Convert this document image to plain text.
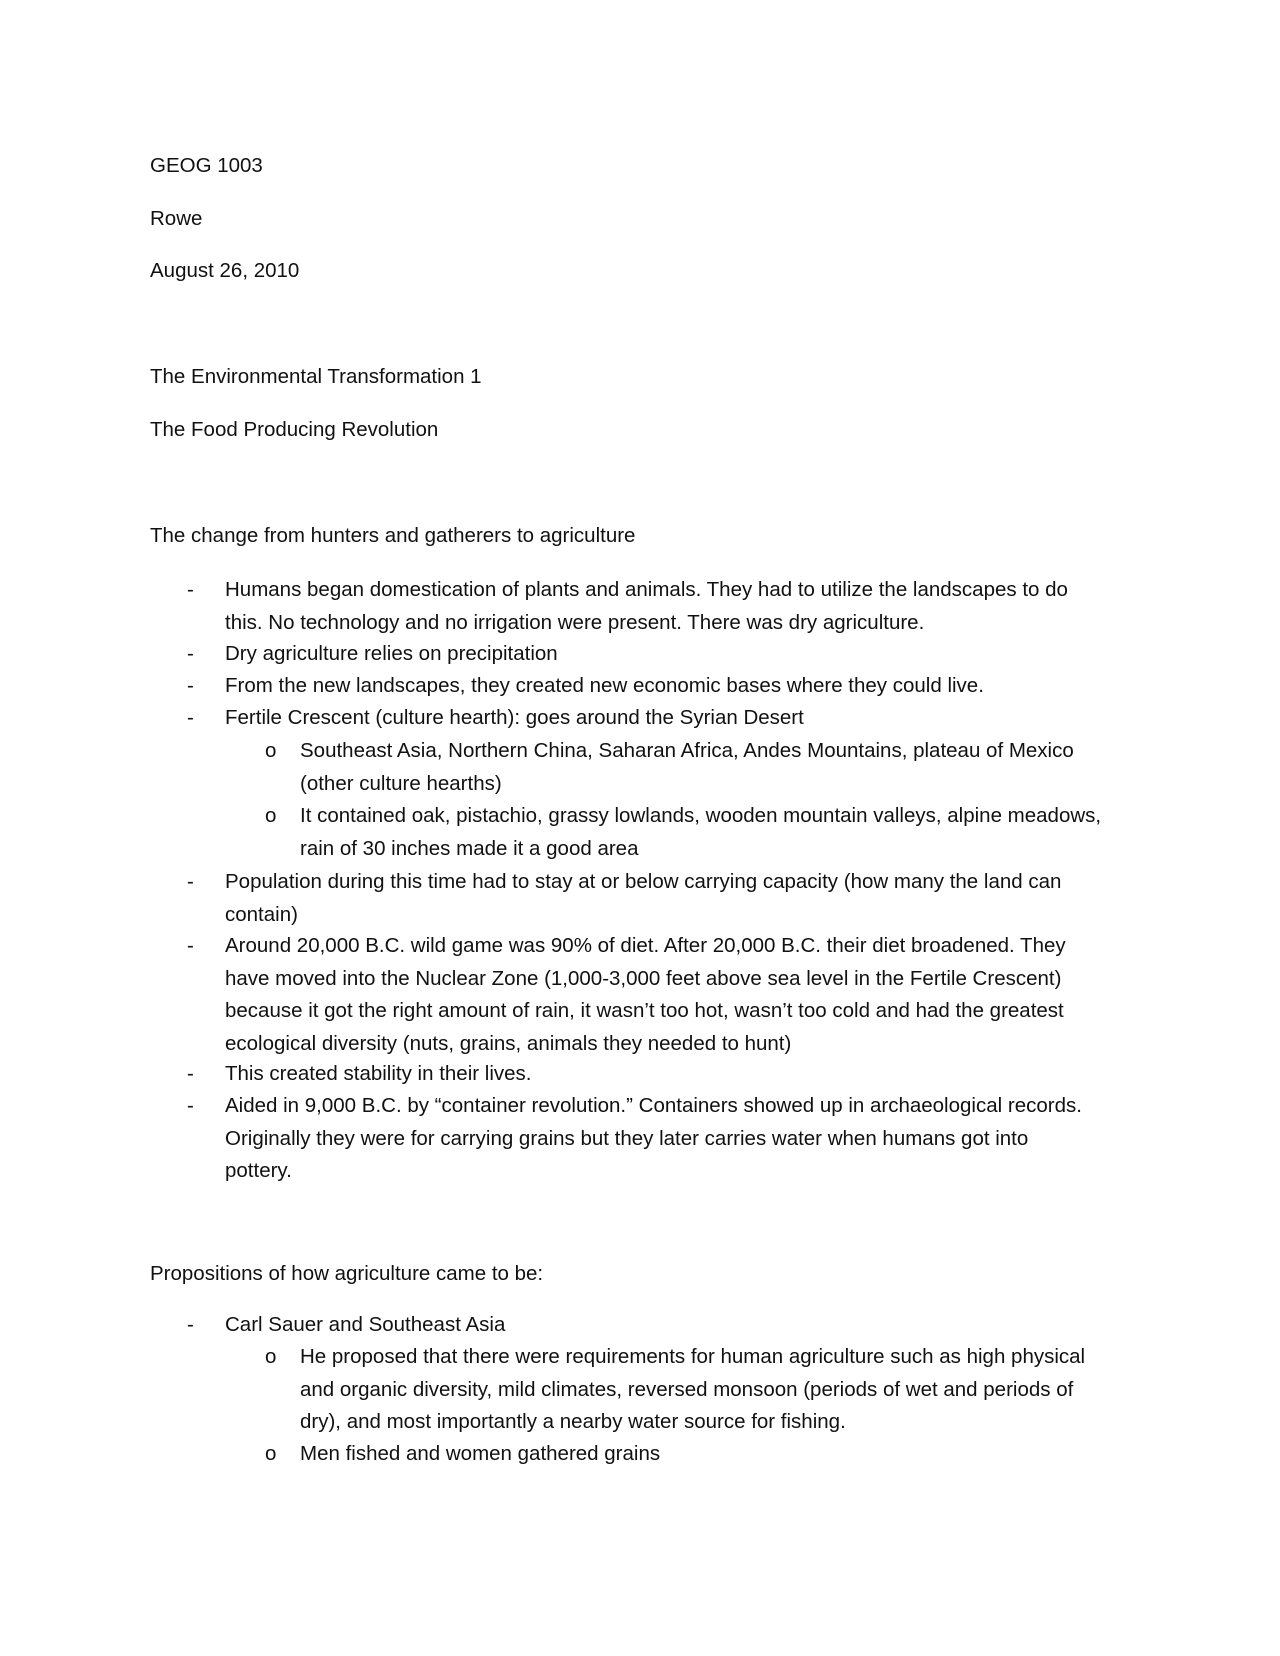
GEOG 1003
Rowe
August 26, 2010
The Environmental Transformation 1
The Food Producing Revolution
The change from hunters and gatherers to agriculture
- Humans began domestication of plants and animals. They had to utilize the landscapes to do
this. No technology and no irrigation were present. There was dry agriculture.
- Dry agriculture relies on precipitation
- From the new landscapes, they created new economic bases where they could live.
- Fertile Crescent (culture hearth): goes around the Syrian Desert
o Southeast Asia, Northern China, Saharan Africa, Andes Mountains, plateau of Mexico
(other culture hearths)
o It contained oak, pistachio, grassy lowlands, wooden mountain valleys, alpine meadows,
rain of 30 inches made it a good area
- Population during this time had to stay at or below carrying capacity (how many the land can
contain)
- Around 20,000 B.C. wild game was 90% of diet. After 20,000 B.C. their diet broadened. They
have moved into the Nuclear Zone (1,000-3,000 feet above sea level in the Fertile Crescent)
because it got the right amount of rain, it wasn’t too hot, wasn’t too cold and had the greatest
ecological diversity (nuts, grains, animals they needed to hunt)
- This created stability in their lives.
- Aided in 9,000 B.C. by “container revolution.” Containers showed up in archaeological records.
Originally they were for carrying grains but they later carries water when humans got into
pottery.
Propositions of how agriculture came to be:
- Carl Sauer and Southeast Asia
o He proposed that there were requirements for human agriculture such as high physical
and organic diversity, mild climates, reversed monsoon (periods of wet and periods of
dry), and most importantly a nearby water source for fishing.
o Men fished and women gathered grains
